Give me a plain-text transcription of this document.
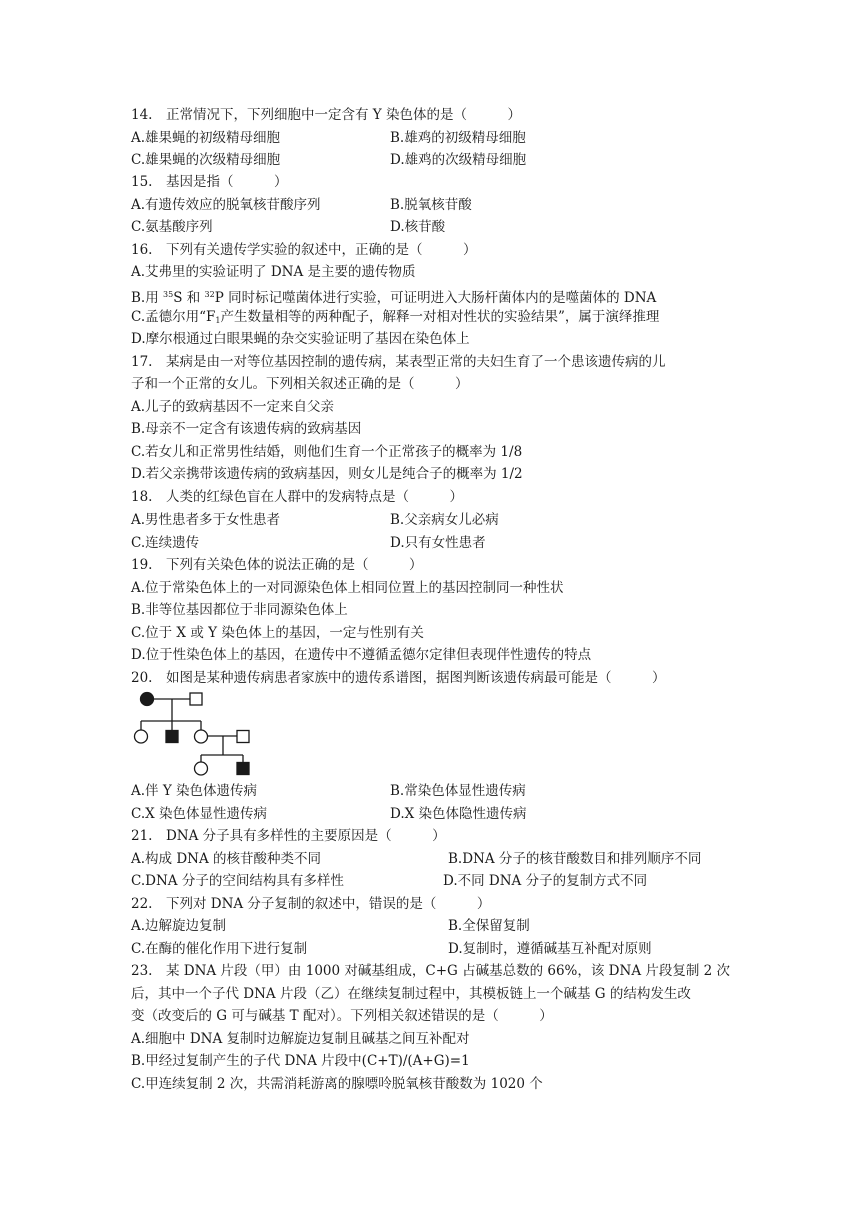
14.　正常情况下，下列细胞中一定含有 Y 染色体的是（　　　）
A.雄果蝇的初级精母细胞	B.雄鸡的初级精母细胞
C.雄果蝇的次级精母细胞	D.雄鸡的次级精母细胞
15.　基因是指（　　　）
A.有遗传效应的脱氧核苷酸序列	B.脱氧核苷酸
C.氨基酸序列	D.核苷酸
16.　下列有关遗传学实验的叙述中，正确的是（　　　）
A.艾弗里的实验证明了 DNA 是主要的遗传物质
B.用 $^{35}$S 和 $^{32}$P 同时标记噬菌体进行实验，可证明进入大肠杆菌体内的是噬菌体的 DNA
C.孟德尔用“$F_1$产生数量相等的两种配子，解释一对相对性状的实验结果”，属于演绎推理
D.摩尔根通过白眼果蝇的杂交实验证明了基因在染色体上
17.　某病是由一对等位基因控制的遗传病，某表型正常的夫妇生育了一个患该遗传病的儿
子和一个正常的女儿。下列相关叙述正确的是（　　　）
A.儿子的致病基因不一定来自父亲
B.母亲不一定含有该遗传病的致病基因
C.若女儿和正常男性结婚，则他们生育一个正常孩子的概率为 1/8
D.若父亲携带该遗传病的致病基因，则女儿是纯合子的概率为 1/2
18.　人类的红绿色盲在人群中的发病特点是（　　　）
A.男性患者多于女性患者	B.父亲病女儿必病
C.连续遗传	D.只有女性患者
19.　下列有关染色体的说法正确的是（　　　）
A.位于常染色体上的一对同源染色体上相同位置上的基因控制同一种性状
B.非等位基因都位于非同源染色体上
C.位于 X 或 Y 染色体上的基因，一定与性别有关
D.位于性染色体上的基因，在遗传中不遵循孟德尔定律但表现伴性遗传的特点
20.　如图是某种遗传病患者家族中的遗传系谱图，据图判断该遗传病最可能是（　　　）
A.伴 Y 染色体遗传病	B.常染色体显性遗传病
C.X 染色体显性遗传病	D.X 染色体隐性遗传病
21.　DNA 分子具有多样性的主要原因是（　　　）
A.构成 DNA 的核苷酸种类不同	B.DNA 分子的核苷酸数目和排列顺序不同
C.DNA 分子的空间结构具有多样性	D.不同 DNA 分子的复制方式不同
22.　下列对 DNA 分子复制的叙述中，错误的是（　　　）
A.边解旋边复制	B.全保留复制
C.在酶的催化作用下进行复制	D.复制时，遵循碱基互补配对原则
23.　某 DNA 片段（甲）由 1000 对碱基组成，C+G 占碱基总数的 66%，该 DNA 片段复制 2 次
后，其中一个子代 DNA 片段（乙）在继续复制过程中，其模板链上一个碱基 G 的结构发生改
变（改变后的 G 可与碱基 T 配对）。下列相关叙述错误的是（　　　）
A.细胞中 DNA 复制时边解旋边复制且碱基之间互补配对
B.甲经过复制产生的子代 DNA 片段中(C+T)/(A+G)=1
C.甲连续复制 2 次，共需消耗游离的腺嘌呤脱氧核苷酸数为 1020 个
